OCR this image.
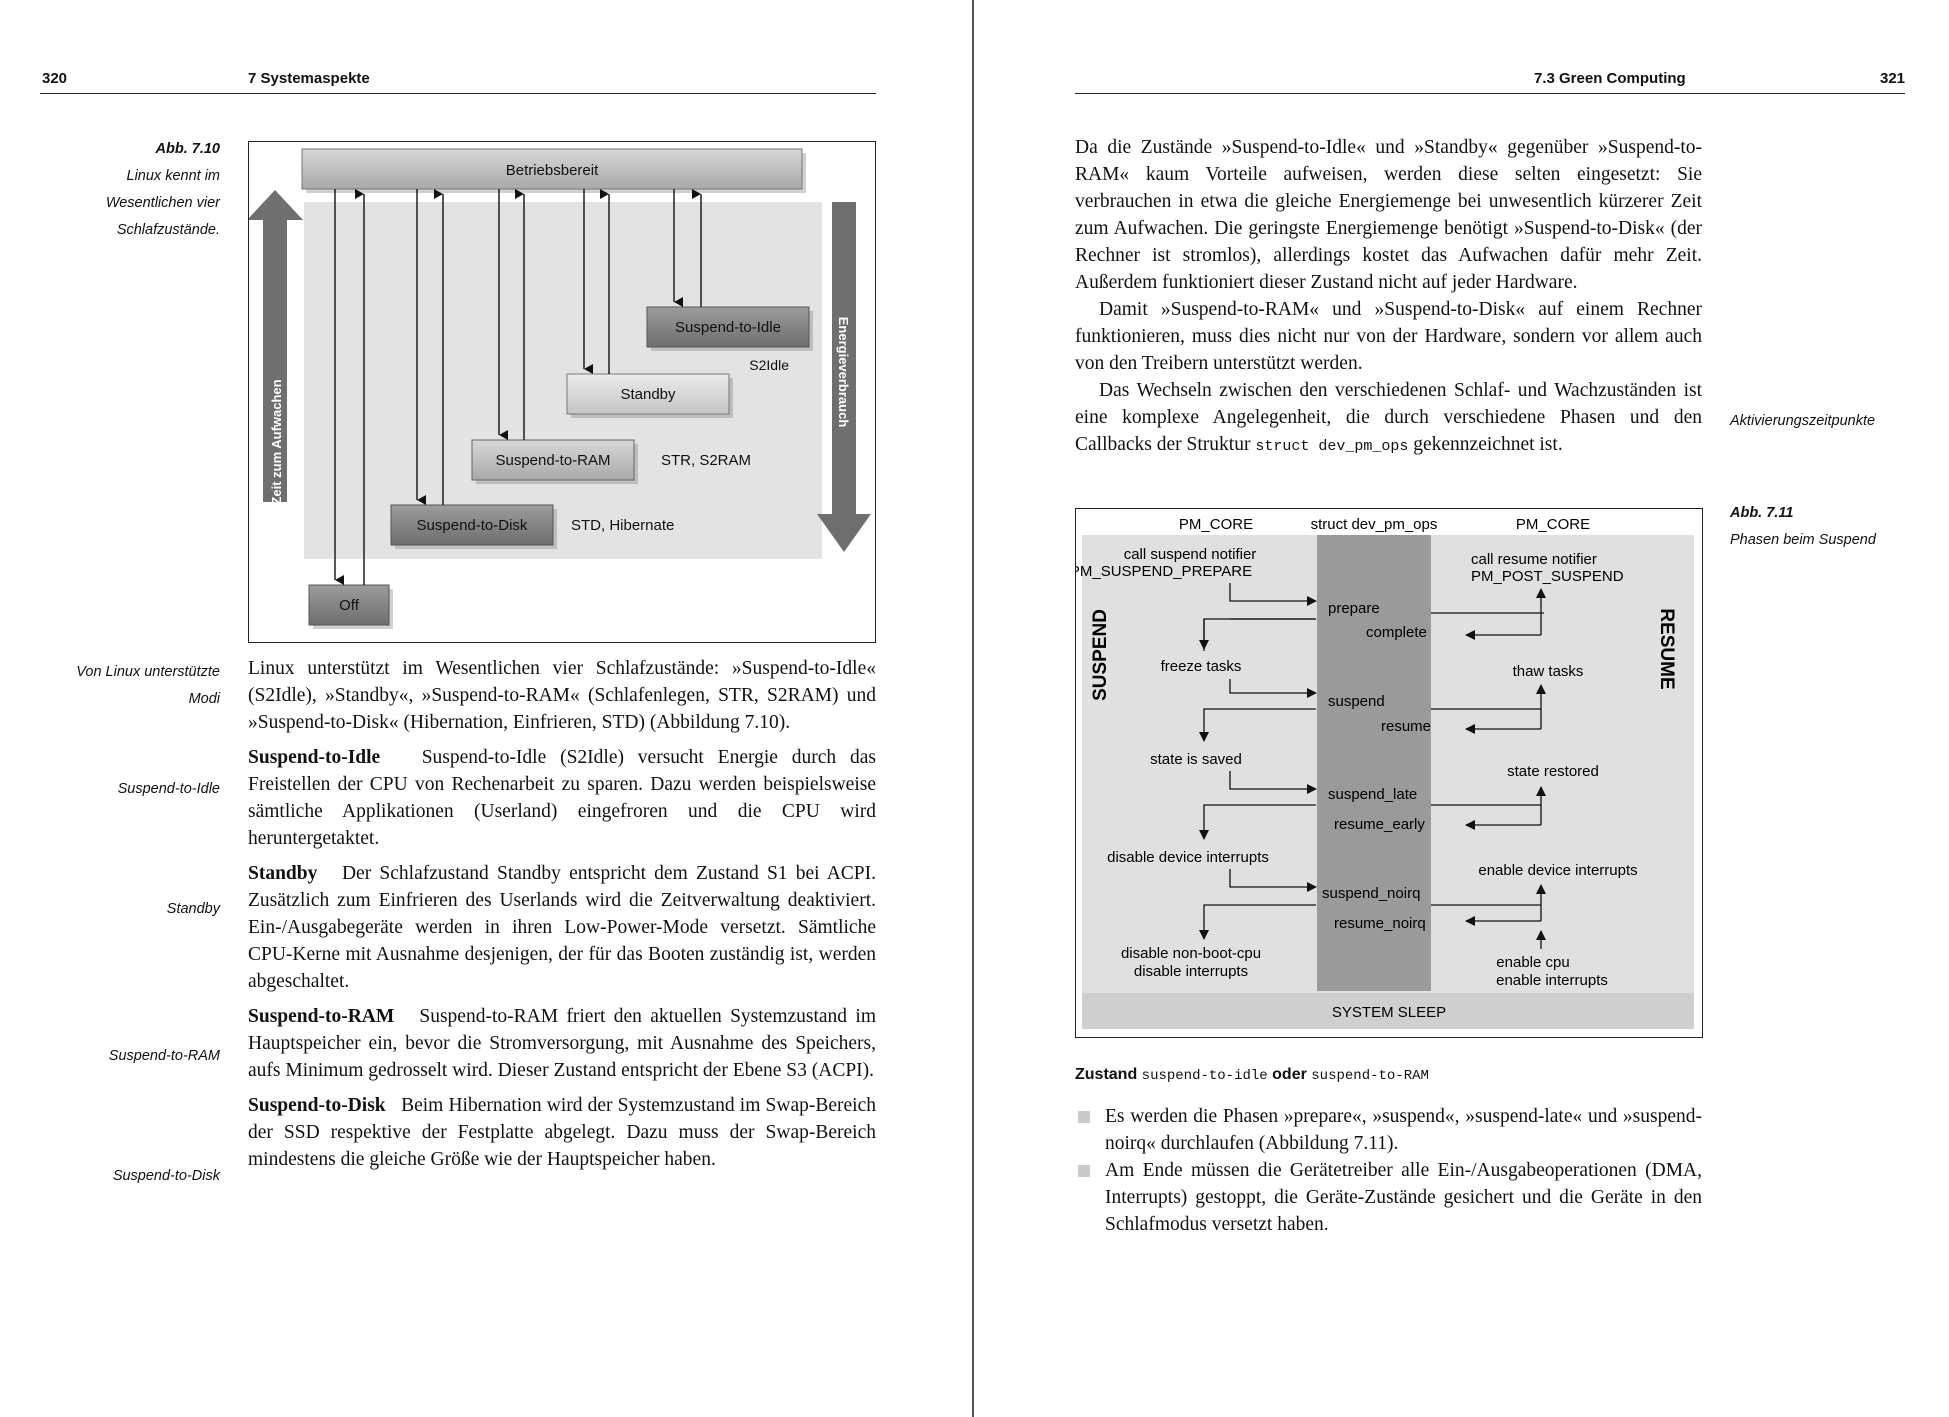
320	7 Systemaspekte
Abb. 7.10
Linux kennt im
Wesentlichen vier
Schlafzustände.
Zeit zum Aufwachen
Energieverbrauch
Betriebsbereit
Suspend-to-Idle
S2Idle
Standby
Suspend-to-RAM	STR, S2RAM
Suspend-to-Disk	STD, Hibernate
Off
Von Linux unterstützte
Modi
Suspend-to-Idle
Standby
Suspend-to-RAM
Suspend-to-Disk

Linux unterstützt im Wesentlichen vier Schlafzustände: »Suspend-to-Idle« (S2Idle), »Standby«, »Suspend-to-RAM« (Schlafenlegen, STR, S2RAM) und »Suspend-to-Disk« (Hibernation, Einfrieren, STD) (Abbildung 7.10).

Suspend-to-Idle Suspend-to-Idle (S2Idle) versucht Energie durch das Freistellen der CPU von Rechenarbeit zu sparen. Dazu werden beispielsweise sämtliche Applikationen (Userland) eingefroren und die CPU wird heruntergetaktet.

Standby Der Schlafzustand Standby entspricht dem Zustand S1 bei ACPI. Zusätzlich zum Einfrieren des Userlands wird die Zeitverwaltung deaktiviert. Ein-/Ausgabegeräte werden in ihren Low-Power-Mode versetzt. Sämtliche CPU-Kerne mit Ausnahme desjenigen, der für das Booten zuständig ist, werden abgeschaltet.

Suspend-to-RAM Suspend-to-RAM friert den aktuellen Systemzustand im Hauptspeicher ein, bevor die Stromversorgung, mit Ausnahme des Speichers, aufs Minimum gedrosselt wird. Dieser Zustand entspricht der Ebene S3 (ACPI).

Suspend-to-Disk Beim Hibernation wird der Systemzustand im Swap-Bereich der SSD respektive der Festplatte abgelegt. Dazu muss der Swap-Bereich mindestens die gleiche Größe wie der Hauptspeicher haben.

7.3 Green Computing	321

Da die Zustände »Suspend-to-Idle« und »Standby« gegenüber »Suspend-to-RAM« kaum Vorteile aufweisen, werden diese selten eingesetzt: Sie verbrauchen in etwa die gleiche Energiemenge bei unwesentlich kürzerer Zeit zum Aufwachen. Die geringste Energiemenge benötigt »Suspend-to-Disk« (der Rechner ist stromlos), allerdings kostet das Aufwachen dafür mehr Zeit. Außerdem funktioniert dieser Zustand nicht auf jeder Hardware.

Damit »Suspend-to-RAM« und »Suspend-to-Disk« auf einem Rechner funktionieren, muss dies nicht nur von der Hardware, sondern vor allem auch von den Treibern unterstützt werden.

Das Wechseln zwischen den verschiedenen Schlaf- und Wachzuständen ist eine komplexe Angelegenheit, die durch verschiedene Phasen und den Callbacks der Struktur struct dev_pm_ops gekennzeichnet ist.

Aktivierungszeitpunkte
Abb. 7.11
Phasen beim Suspend
PM_CORE	struct dev_pm_ops	PM_CORE
SYSTEM SLEEP
SUSPEND	RESUME
call suspend notifier
PM_SUSPEND_PREPARE
freeze tasks
state is saved
disable device interrupts
disable non-boot-cpu
disable interrupts
prepare
complete
suspend
resume
suspend_late
resume_early
suspend_noirq
resume_noirq
call resume notifier
PM_POST_SUSPEND
thaw tasks
state restored
enable device interrupts
enable cpu
enable interrupts
Zustand suspend-to-idle oder suspend-to-RAM
Es werden die Phasen »prepare«, »suspend«, »suspend-late« und »suspend-noirq« durchlaufen (Abbildung 7.11).
Am Ende müssen die Gerätetreiber alle Ein-/Ausgabeoperationen (DMA, Interrupts) gestoppt, die Geräte-Zustände gesichert und die Geräte in den Schlafmodus versetzt haben.
